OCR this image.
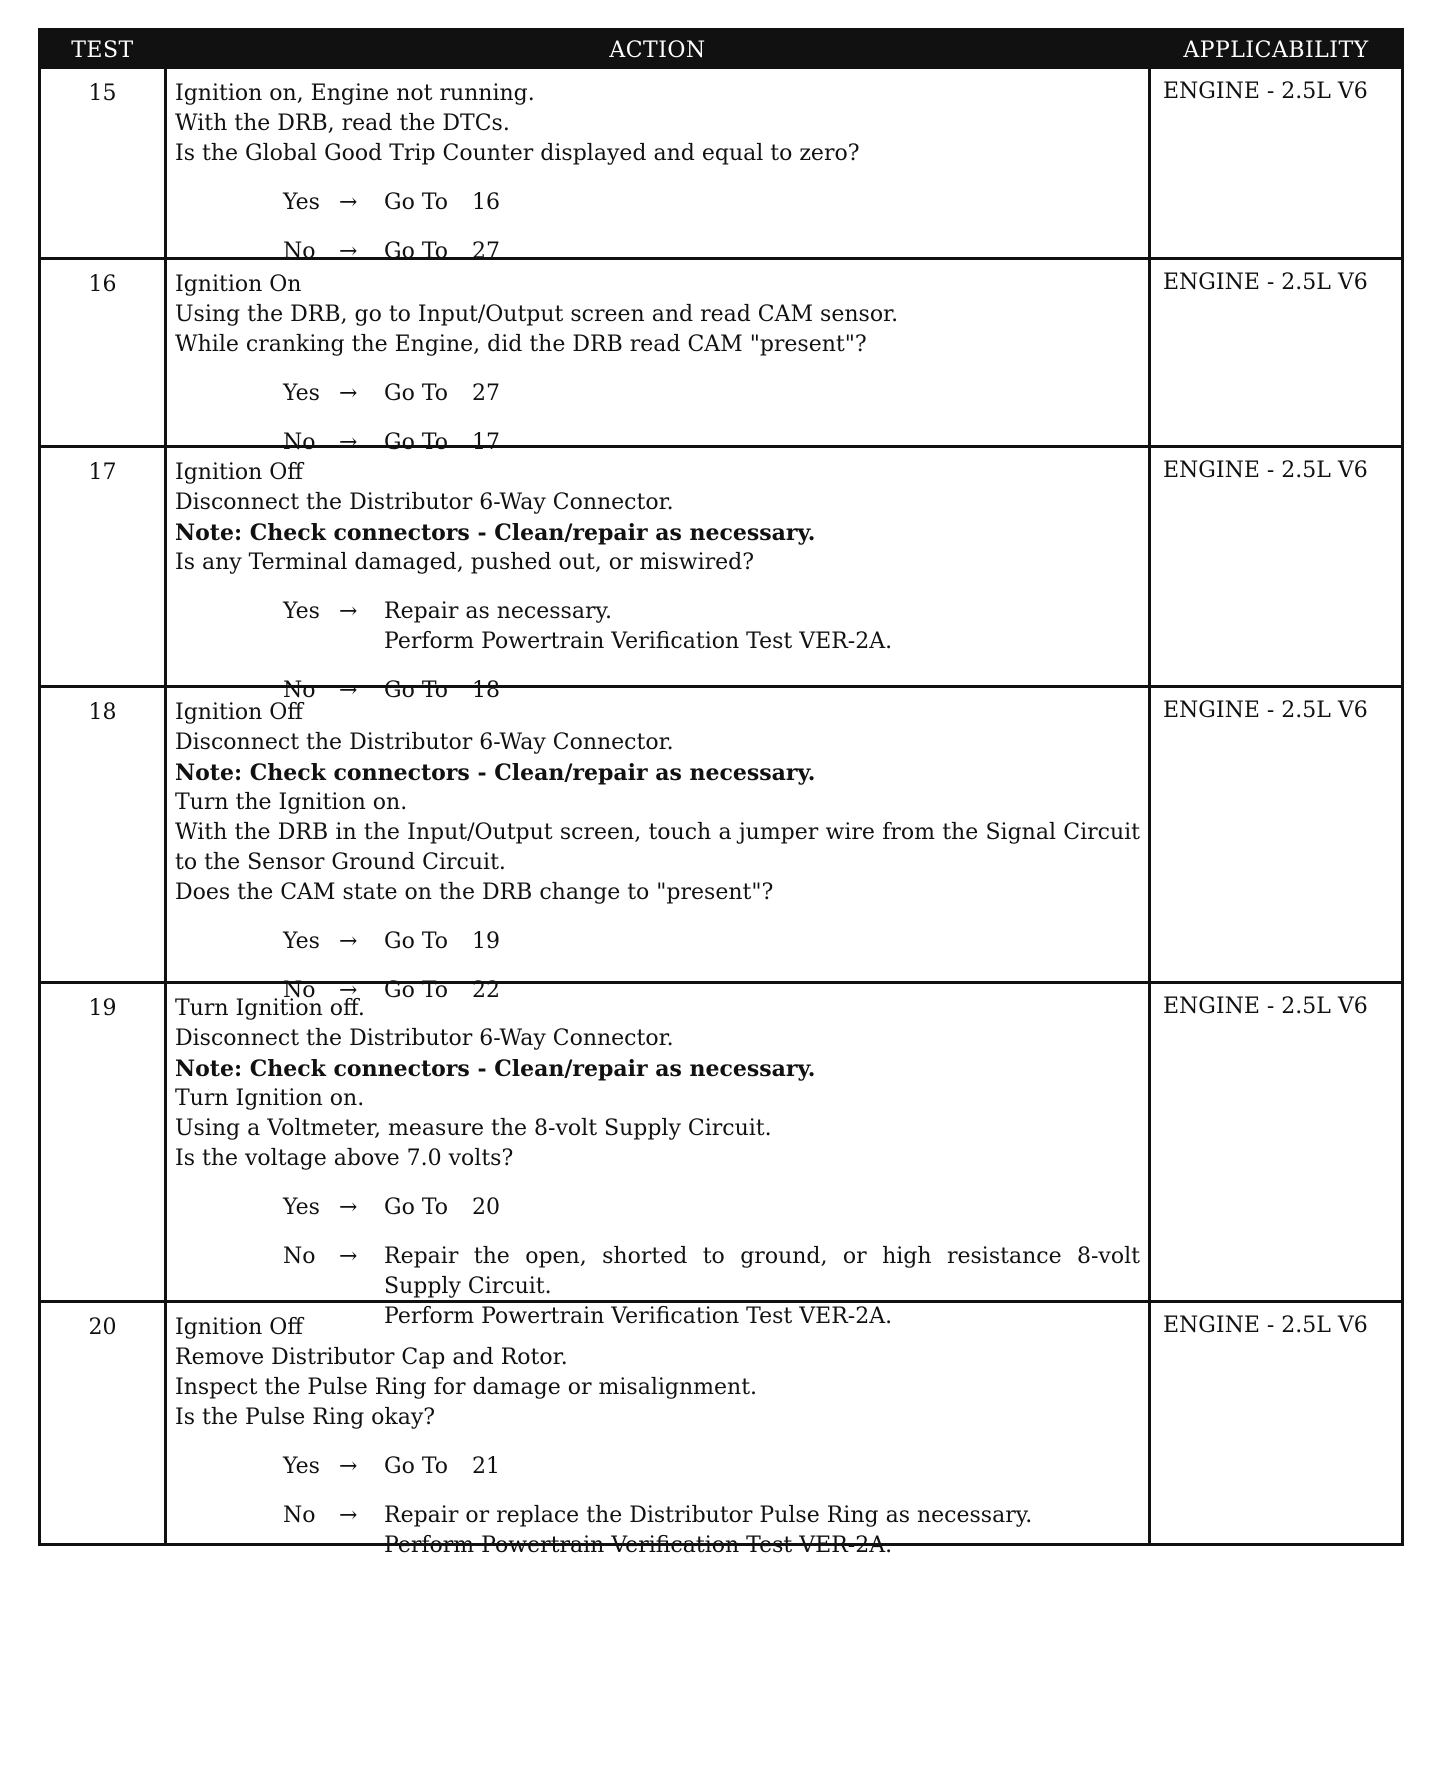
TEST	ACTION	APPLICABILITY
15	Ignition on, Engine not running.
With the DRB, read the DTCs.
Is the Global Good Trip Counter displayed and equal to zero?
Yes →	Go To 16
No	→	Go To 27
ENGINE - 2.5L V6
16	Ignition On
Using the DRB, go to Input/Output screen and read CAM sensor.
While cranking the Engine, did the DRB read CAM "present"?
Yes →	Go To 27
No	→	Go To 17
ENGINE - 2.5L V6
17	Ignition Off
Disconnect the Distributor 6-Way Connector.
Note: Check connectors - Clean/repair as necessary.
Is any Terminal damaged, pushed out, or miswired?
Yes →	Repair as necessary.
Perform Powertrain Verification Test VER-2A.
No	→	Go To 18
ENGINE - 2.5L V6
18	Ignition Off
Disconnect the Distributor 6-Way Connector.
Note: Check connectors - Clean/repair as necessary.
Turn the Ignition on.
With the DRB in the Input/Output screen, touch a jumper wire from the Signal Circuit to the Sensor Ground Circuit.
Does the CAM state on the DRB change to "present"?
Yes →	Go To 19
No	→	Go To 22
ENGINE - 2.5L V6
19	Turn Ignition off.
Disconnect the Distributor 6-Way Connector.
Note: Check connectors - Clean/repair as necessary.
Turn Ignition on.
Using a Voltmeter, measure the 8-volt Supply Circuit.
Is the voltage above 7.0 volts?
Yes →	Go To 20
No	→	Repair the open, shorted to ground, or high resistance 8-volt Supply Circuit.
Perform Powertrain Verification Test VER-2A.
ENGINE - 2.5L V6
20	Ignition Off
Remove Distributor Cap and Rotor.
Inspect the Pulse Ring for damage or misalignment.
Is the Pulse Ring okay?
Yes →	Go To 21
No	→	Repair or replace the Distributor Pulse Ring as necessary.
Perform Powertrain Verification Test VER-2A.
ENGINE - 2.5L V6
